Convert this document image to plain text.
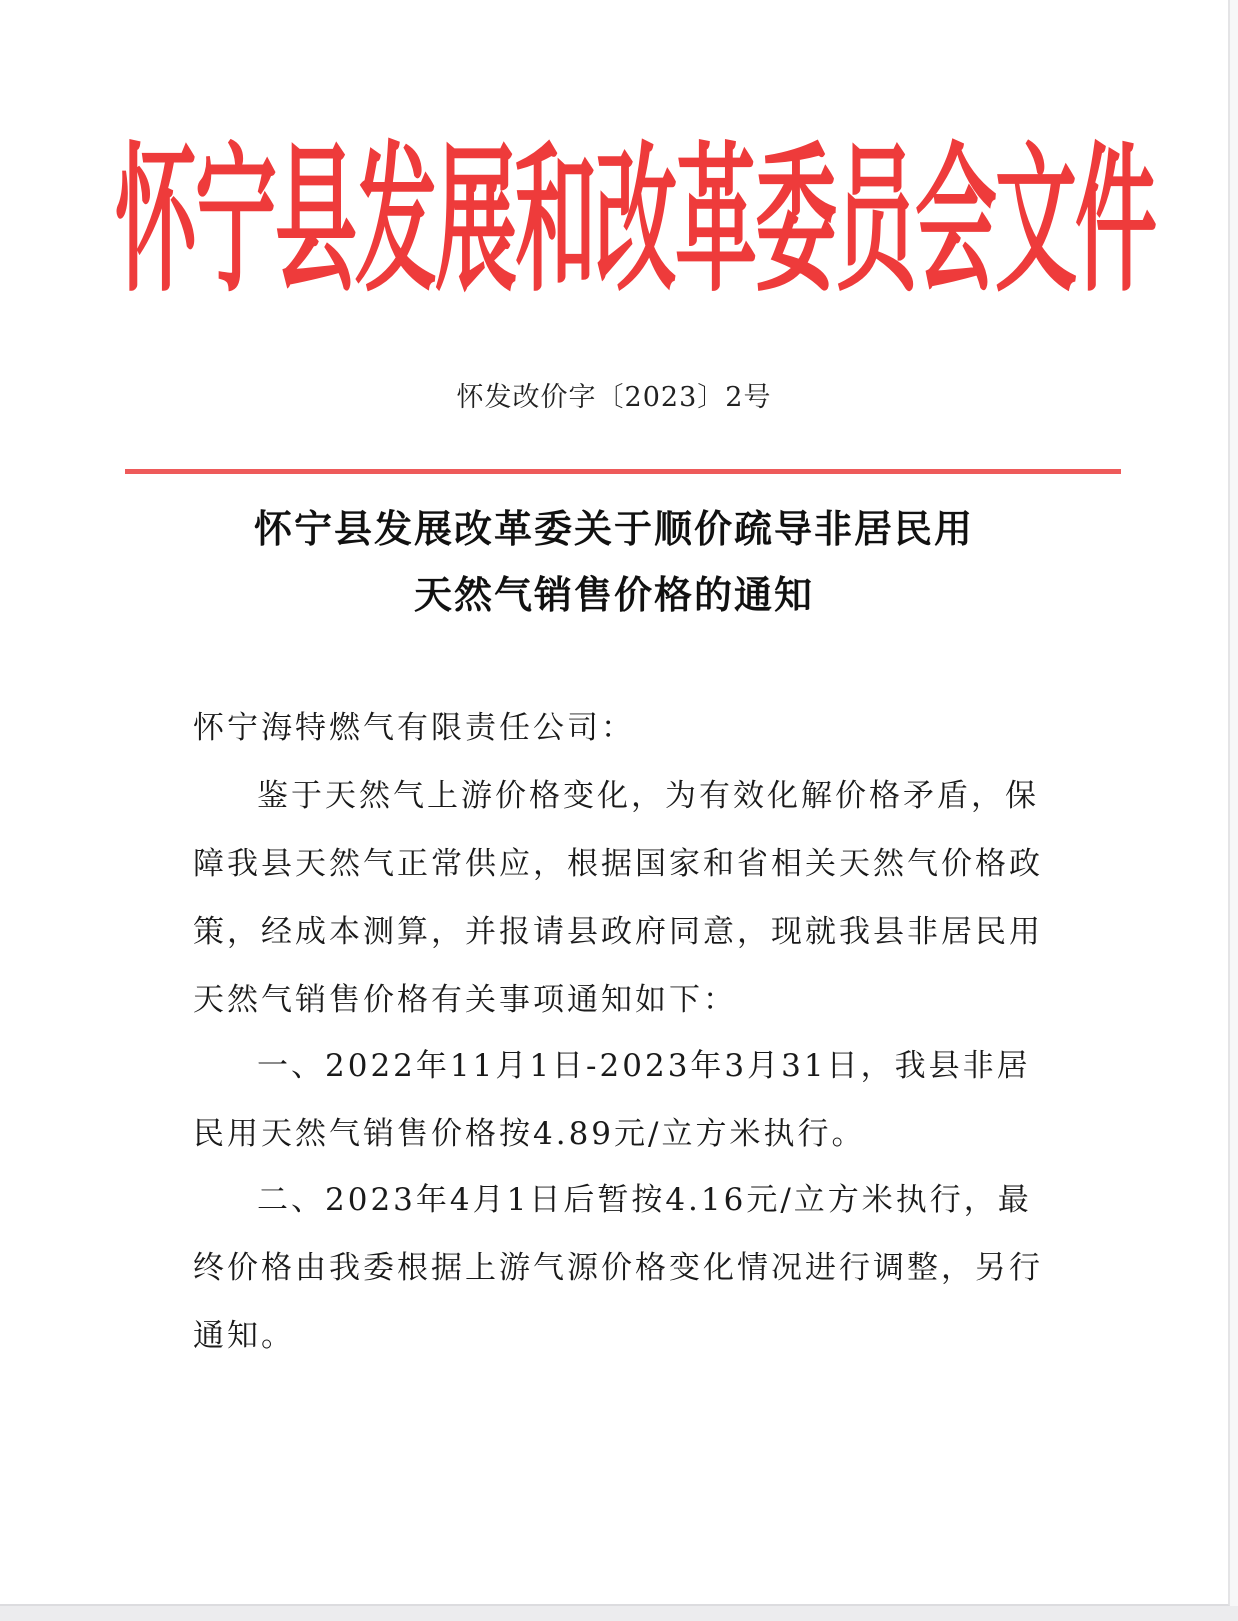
怀宁县发展和改革委员会文件
怀发改价字〔2023〕2号
怀宁县发展改革委关于顺价疏导非居民用
天然气销售价格的通知
怀宁海特燃气有限责任公司：
鉴于天然气上游价格变化，为有效化解价格矛盾，保障我县天然气正常供应，根据国家和省相关天然气价格政策，经成本测算，并报请县政府同意，现就我县非居民用天然气销售价格有关事项通知如下：
一、2022年11月1日-2023年3月31日，我县非居民用天然气销售价格按4.89元/立方米执行。
二、2023年4月1日后暂按4.16元/立方米执行，最终价格由我委根据上游气源价格变化情况进行调整，另行通知。
